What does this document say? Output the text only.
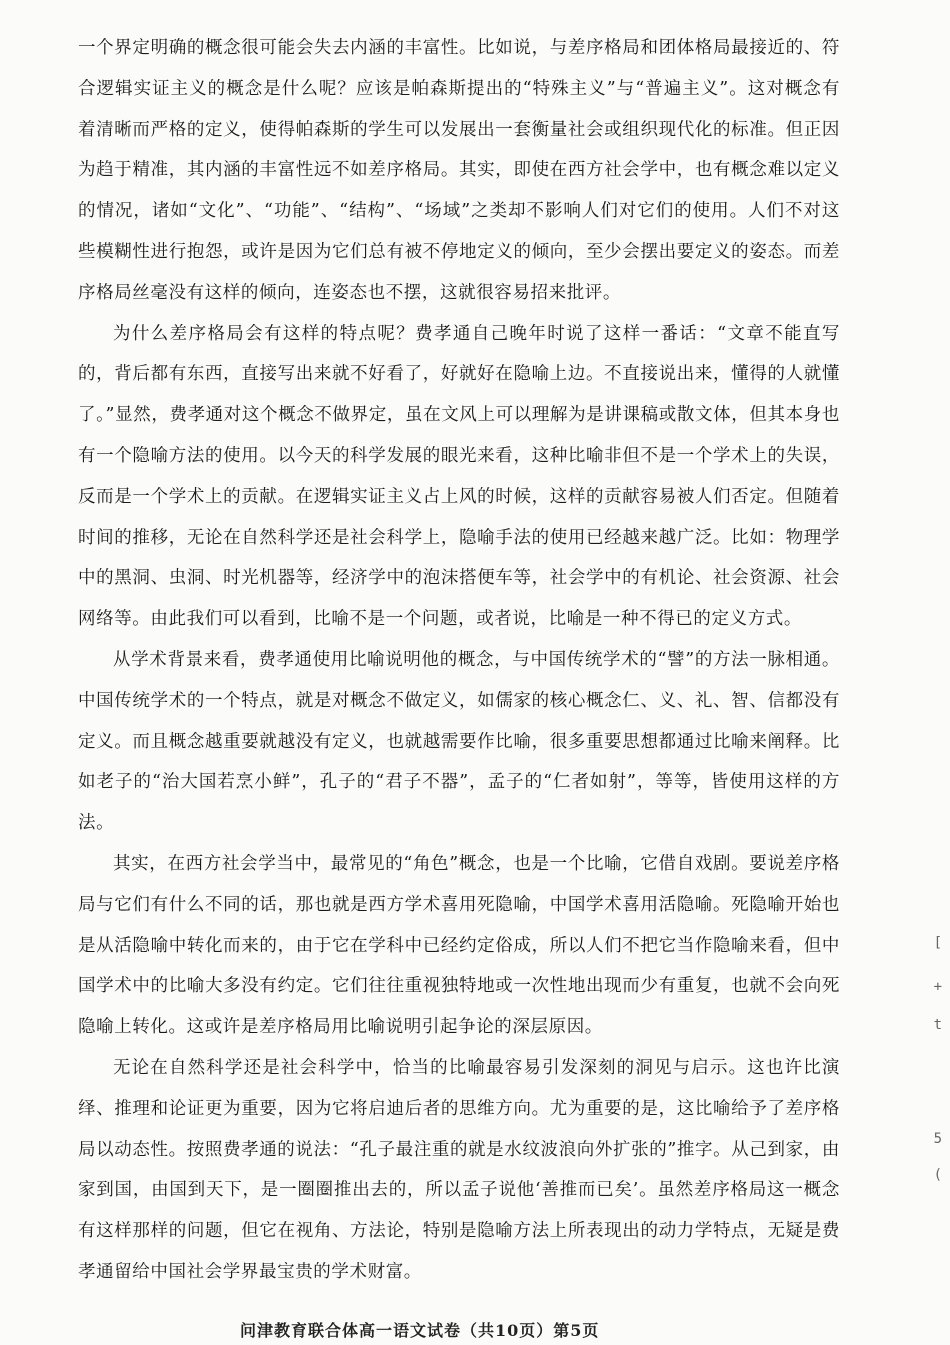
一个界定明确的概念很可能会失去内涵的丰富性。比如说，与差序格局和团体格局最接近的、符合逻辑实证主义的概念是什么呢？应该是帕森斯提出的“特殊主义”与“普遍主义”。这对概念有着清晰而严格的定义，使得帕森斯的学生可以发展出一套衡量社会或组织现代化的标准。但正因为趋于精准，其内涵的丰富性远不如差序格局。其实，即使在西方社会学中，也有概念难以定义的情况，诸如“文化”、“功能”、“结构”、“场域”之类却不影响人们对它们的使用。人们不对这些模糊性进行抱怨，或许是因为它们总有被不停地定义的倾向，至少会摆出要定义的姿态。而差序格局丝毫没有这样的倾向，连姿态也不摆，这就很容易招来批评。

为什么差序格局会有这样的特点呢？费孝通自己晚年时说了这样一番话：“文章不能直写的，背后都有东西，直接写出来就不好看了，好就好在隐喻上边。不直接说出来，懂得的人就懂了。”显然，费孝通对这个概念不做界定，虽在文风上可以理解为是讲课稿或散文体，但其本身也有一个隐喻方法的使用。以今天的科学发展的眼光来看，这种比喻非但不是一个学术上的失误，反而是一个学术上的贡献。在逻辑实证主义占上风的时候，这样的贡献容易被人们否定。但随着时间的推移，无论在自然科学还是社会科学上，隐喻手法的使用已经越来越广泛。比如：物理学中的黑洞、虫洞、时光机器等，经济学中的泡沫搭便车等，社会学中的有机论、社会资源、社会网络等。由此我们可以看到，比喻不是一个问题，或者说，比喻是一种不得已的定义方式。

从学术背景来看，费孝通使用比喻说明他的概念，与中国传统学术的“譬”的方法一脉相通。中国传统学术的一个特点，就是对概念不做定义，如儒家的核心概念仁、义、礼、智、信都没有定义。而且概念越重要就越没有定义，也就越需要作比喻，很多重要思想都通过比喻来阐释。比如老子的“治大国若烹小鲜”，孔子的“君子不器”，孟子的“仁者如射”，等等，皆使用这样的方法。

其实，在西方社会学当中，最常见的“角色”概念，也是一个比喻，它借自戏剧。要说差序格局与它们有什么不同的话，那也就是西方学术喜用死隐喻，中国学术喜用活隐喻。死隐喻开始也是从活隐喻中转化而来的，由于它在学科中已经约定俗成，所以人们不把它当作隐喻来看，但中国学术中的比喻大多没有约定。它们往往重视独特地或一次性地出现而少有重复，也就不会向死隐喻上转化。这或许是差序格局用比喻说明引起争论的深层原因。

无论在自然科学还是社会科学中，恰当的比喻最容易引发深刻的洞见与启示。这也许比演绎、推理和论证更为重要，因为它将启迪后者的思维方向。尤为重要的是，这比喻给予了差序格局以动态性。按照费孝通的说法：“孔子最注重的就是水纹波浪向外扩张的”推字。从己到家，由家到国，由国到天下，是一圈圈推出去的，所以孟子说他‘善推而已矣’。虽然差序格局这一概念有这样那样的问题，但它在视角、方法论，特别是隐喻方法上所表现出的动力学特点，无疑是费孝通留给中国社会学界最宝贵的学术财富。

[
+
t
5
(
问津教育联合体高一语文试卷（共10页）第5页
